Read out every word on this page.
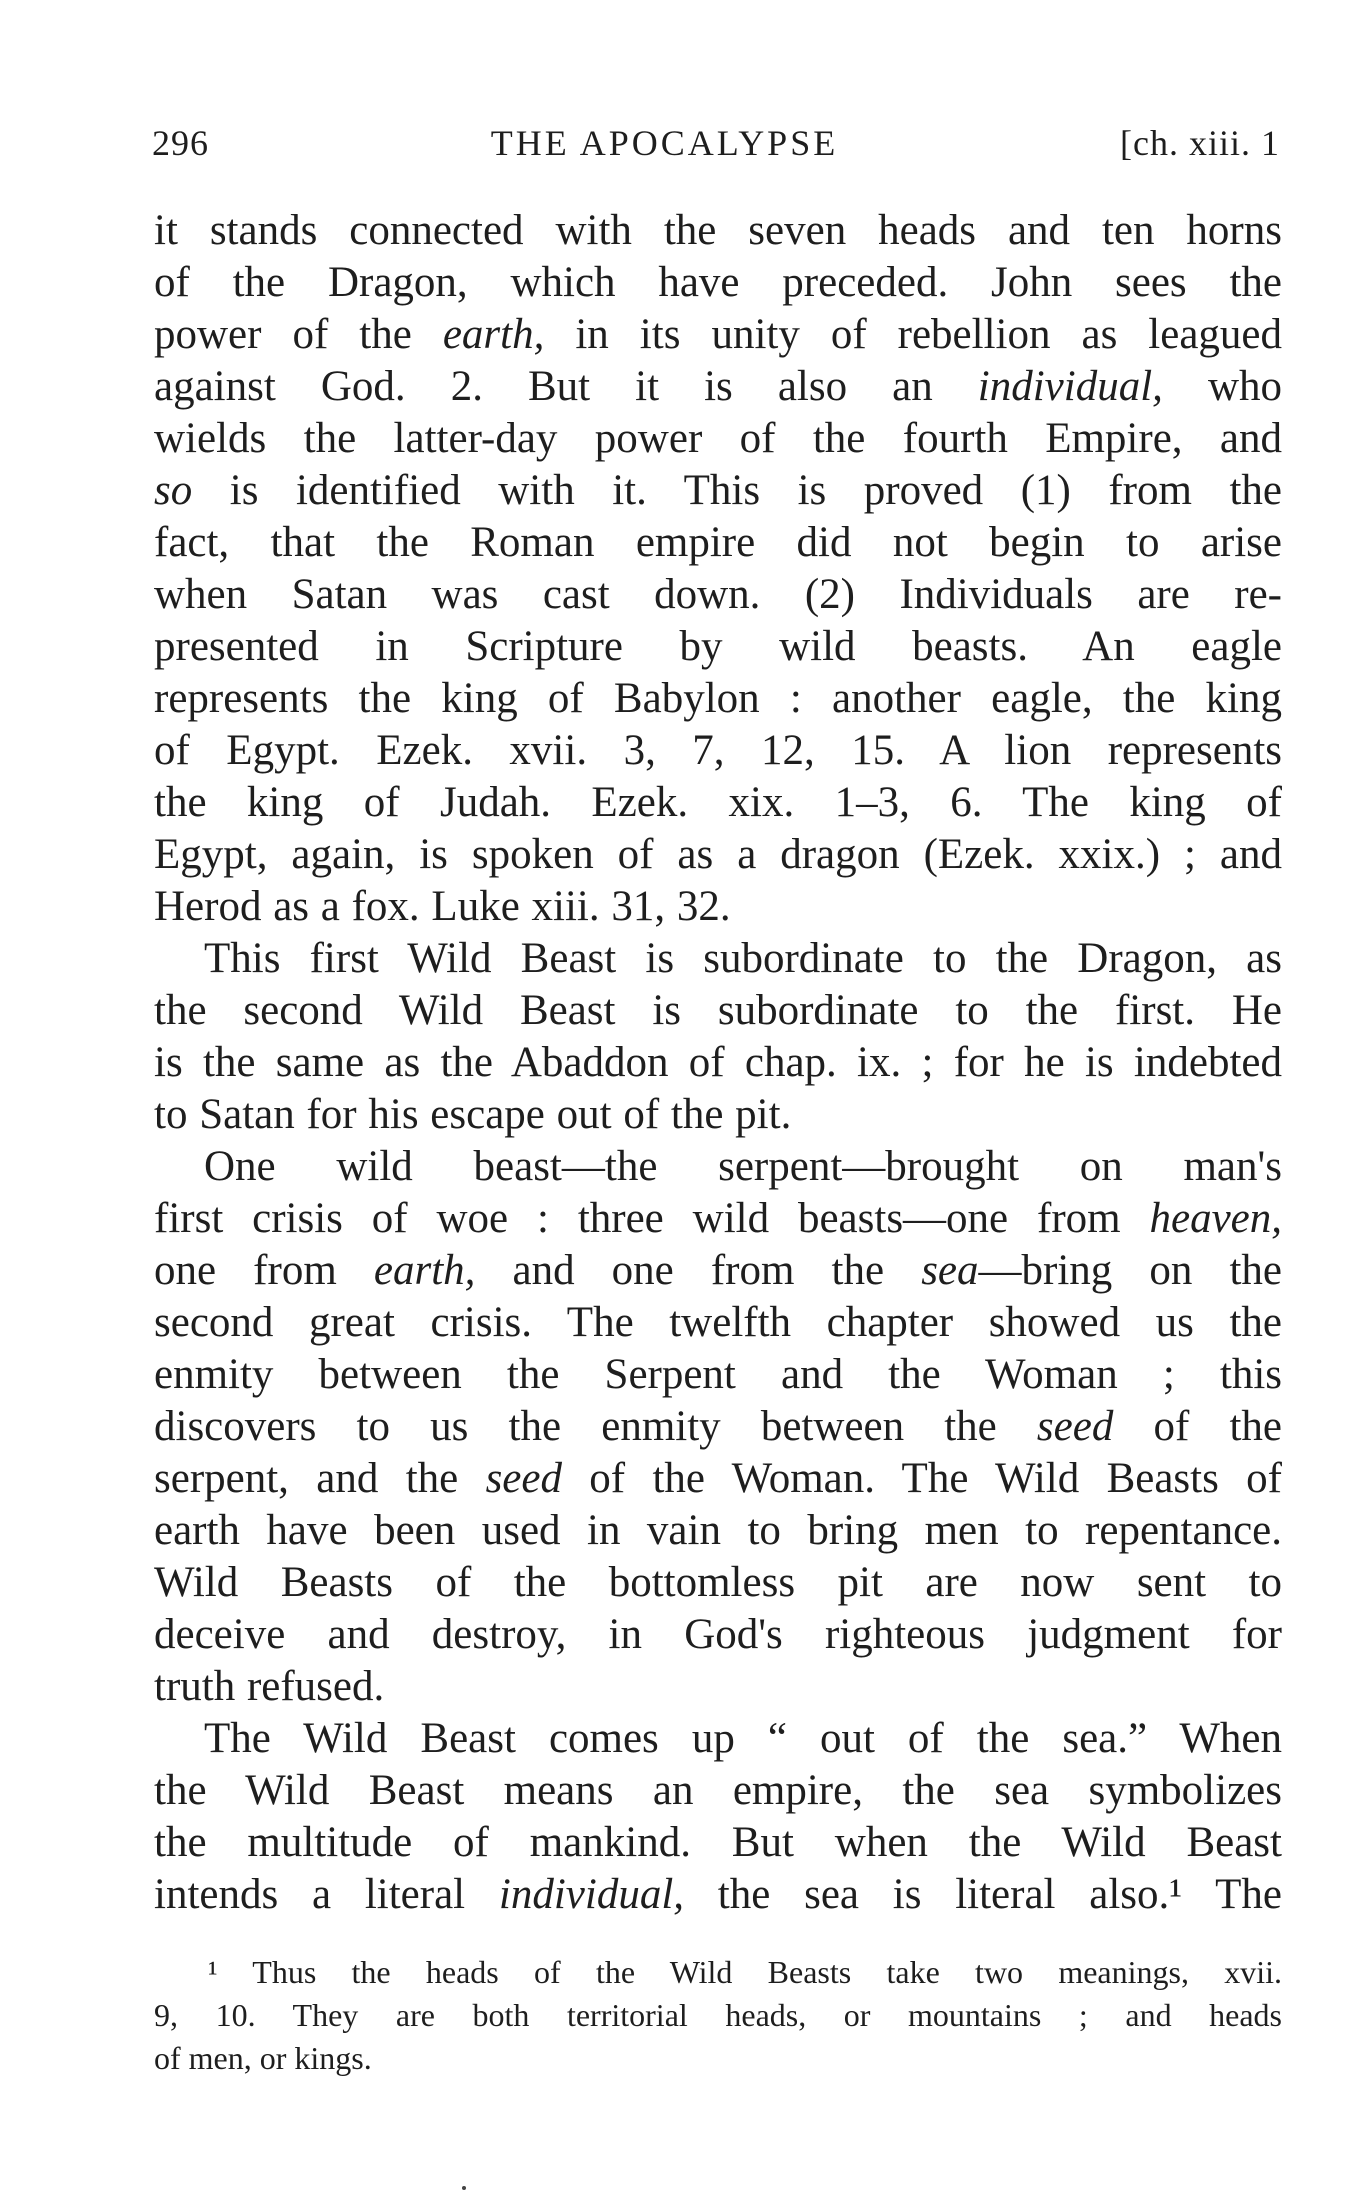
296	THE APOCALYPSE	[ch. xiii. 1
it stands connected with the seven heads and ten horns
of the Dragon, which have preceded. John sees the
power of the earth, in its unity of rebellion as leagued
against God. 2. But it is also an individual, who
wields the latter-day power of the fourth Empire, and
so is identified with it. This is proved (1) from the
fact, that the Roman empire did not begin to arise
when Satan was cast down. (2) Individuals are re-
presented in Scripture by wild beasts. An eagle
represents the king of Babylon : another eagle, the king
of Egypt. Ezek. xvii. 3, 7, 12, 15. A lion represents
the king of Judah. Ezek. xix. 1–3, 6. The king of
Egypt, again, is spoken of as a dragon (Ezek. xxix.) ; and
Herod as a fox. Luke xiii. 31, 32.
This first Wild Beast is subordinate to the Dragon, as
the second Wild Beast is subordinate to the first. He
is the same as the Abaddon of chap. ix. ; for he is indebted
to Satan for his escape out of the pit.
One wild beast—the serpent—brought on man's
first crisis of woe : three wild beasts—one from heaven,
one from earth, and one from the sea—bring on the
second great crisis. The twelfth chapter showed us the
enmity between the Serpent and the Woman ; this
discovers to us the enmity between the seed of the
serpent, and the seed of the Woman. The Wild Beasts of
earth have been used in vain to bring men to repentance.
Wild Beasts of the bottomless pit are now sent to
deceive and destroy, in God's righteous judgment for
truth refused.
The Wild Beast comes up “ out of the sea.” When
the Wild Beast means an empire, the sea symbolizes
the multitude of mankind. But when the Wild Beast
intends a literal individual, the sea is literal also.¹ The
¹ Thus the heads of the Wild Beasts take two meanings, xvii.
9, 10. They are both territorial heads, or mountains ; and heads
of men, or kings.
